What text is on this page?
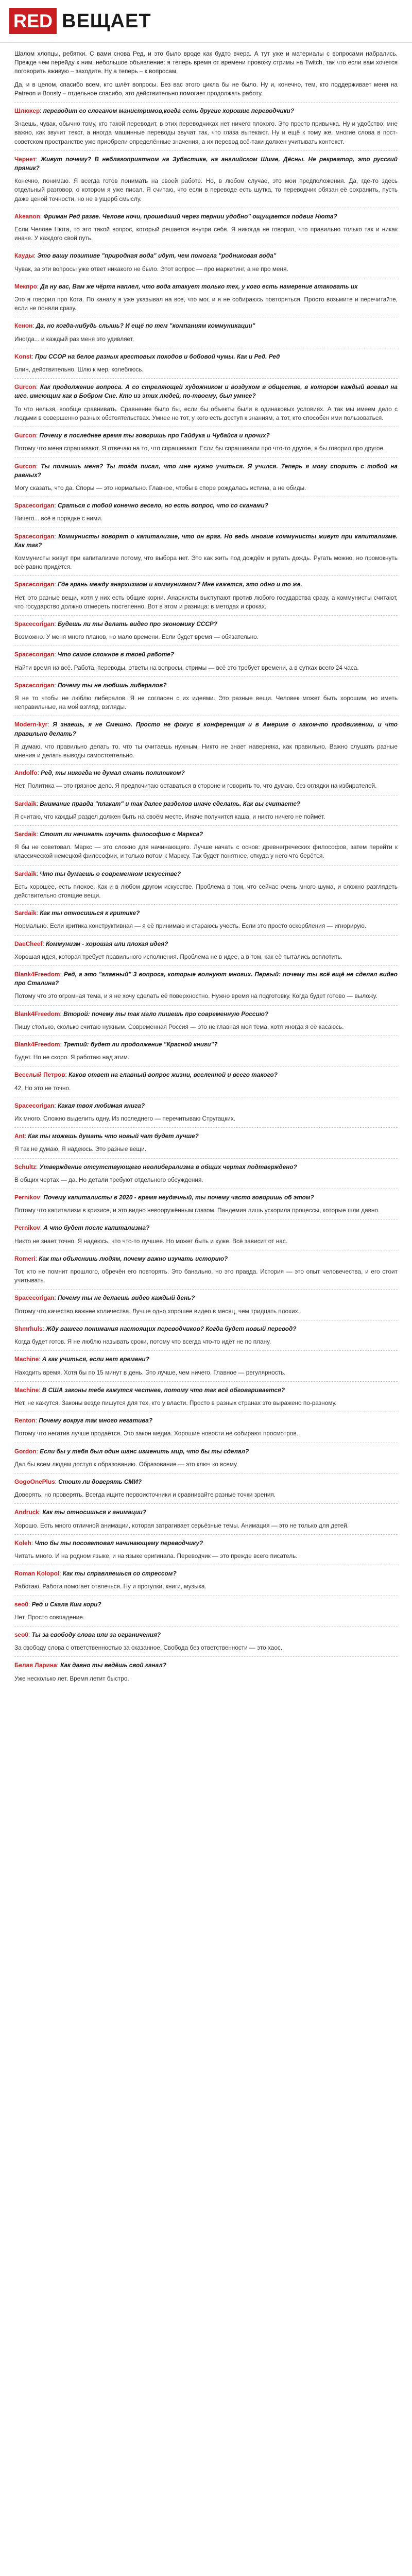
RED ВЕЩАЕТ

Шалом хлопцы, ребятки. С вами снова Ред, и это было вроде как будто вчера. А тут уже и материалы с вопросами набрались. Прежде чем перейду к ним, небольшое объявление: я теперь время от времени провожу стримы на Twitch, так что если вам хочется поговорить вживую – заходите. Ну а теперь – к вопросам.

Да, и в целом, спасибо всем, кто шлёт вопросы. Без вас этого цикла бы не было. Ну и, конечно, тем, кто поддерживает меня на Patreon и Boosty – отдельное спасибо, это действительно помогает продолжать работу.

Шлюхер: переводит со слоганом манистримов,когда есть другие хорошие переводчики?

Знаешь, чувак, обычно тому, кто такой переводит, в этих переводчиках нет ничего плохого. Это просто привычка. Ну и удобство: мне важно, как звучит текст, а иногда машинные переводы звучат так, что глаза вытекают. Ну и ещё к тому же, многие слова в пост-советском пространстве уже приобрели определённые значения, а их перевод всё-таки должен учитывать контекст.

Чернет: Живут почему? В неблагоприятном на Зубастике, на английском Шиме, Дёсны. Не рекреатор, это русский пряник?

Конечно, понимаю. Я всегда готов понимать на своей работе. Но, в любом случае, это мои предположения. Да, где-то здесь отдельный разговор, о котором я уже писал. Я считаю, что если в переводе есть шутка, то переводчик обязан её сохранить, пусть даже ценой точности, но не в ущерб смыслу.

Akeanon: Фриман Ред разве. Челове ночи, прошедший через тернии удобно" ощущается подвиг Нюта?

Если Челове Нюта, то это такой вопрос, который решается внутри себя. Я никогда не говорил, что правильно только так и никак иначе. У каждого свой путь.

Кауды: Это вашу позитиве "природная вода" идут, чем помогла "родниковая вода"

Чувак, за эти вопросы уже ответ никакого не было. Этот вопрос — про маркетинг, а не про меня.

Мекпро: Да ну вас, Вам же чёрта наплел, что вода атакует только тех, у кого есть намерение атаковать их

Это я говорил про Кота. По каналу я уже указывал на все, что мог, и я не собираюсь повторяться. Просто возьмите и перечитайте, если не поняли сразу.

Кенон: Да, но когда-нибудь слышь? И ещё по тем "компаниям коммуникации"

Иногда... и каждый раз меня это удивляет.

Konst: При ССОР на белое разных крестовых походов и бобовой чумы. Как и Ред. Ред

Блин, действительно. Шлю к мер, колеблюсь.

Gurcon: Как продолжение вопроса. А со стреляющей художником и воздухом в обществе, в котором каждый воевал на шее, имеющим как в Бобром Сне. Кто из этих людей, по-твоему, был умнее?

То что нельзя, вообще сравнивать. Сравнение было бы, если бы объекты были в одинаковых условиях. А так мы имеем дело с людьми в совершенно разных обстоятельствах. Умнее не тот, у кого есть доступ к знаниям, а тот, кто способен ими пользоваться.

Gurcon: Почему в последнее время ты говоришь про Гайдука и Чубайса и прочих?

Потому что меня спрашивают. Я отвечаю на то, что спрашивают. Если бы спрашивали про что-то другое, я бы говорил про другое.

Gurcon: Ты помнишь меня? Ты тогда писал, что мне нужно учиться. Я учился. Теперь я могу спорить с тобой на равных?

Могу сказать, что да. Споры — это нормально. Главное, чтобы в споре рождалась истина, а не обиды.

Spacecorigan: Сраться с тобой конечно весело, но есть вопрос, что со сканами?

Ничего... всё в порядке с ними.

Spacecorigan: Коммунисты говорят о капитализме, что он враг. Но ведь многие коммунисты живут при капитализме. Как так?

Коммунисты живут при капитализме потому, что выбора нет. Это как жить под дождём и ругать дождь. Ругать можно, но промокнуть всё равно придётся.

Spacecorigan: Где грань между анархизмом и коммунизмом? Мне кажется, это одно и то же.

Нет, это разные вещи, хотя у них есть общие корни. Анархисты выступают против любого государства сразу, а коммунисты считают, что государство должно отмереть постепенно. Вот в этом и разница: в методах и сроках.

Spacecorigan: Будешь ли ты делать видео про экономику СССР?

Возможно. У меня много планов, но мало времени. Если будет время — обязательно.

Spacecorigan: Что самое сложное в твоей работе?

Найти время на всё. Работа, переводы, ответы на вопросы, стримы — всё это требует времени, а в сутках всего 24 часа.

Spacecorigan: Почему ты не любишь либералов?

Я не то чтобы не люблю либералов. Я не согласен с их идеями. Это разные вещи. Человек может быть хорошим, но иметь неправильные, на мой взгляд, взгляды.

Modern-kyr: Я знаешь, я не Смешно. Просто не фокус в конференция и в Америке о каком-то продвижении, и что правильно делать?

Я думаю, что правильно делать то, что ты считаешь нужным. Никто не знает наверняка, как правильно. Важно слушать разные мнения и делать выводы самостоятельно.

Andolfo: Ред, ты никогда не думал стать политиком?

Нет. Политика — это грязное дело. Я предпочитаю оставаться в стороне и говорить то, что думаю, без оглядки на избирателей.

Sardaik: Внимание правда "плакат" и так далее разделов иначе сделать. Как вы считаете?

Я считаю, что каждый раздел должен быть на своём месте. Иначе получится каша, и никто ничего не поймёт.

Sardaik: Стоит ли начинать изучать философию с Маркса?

Я бы не советовал. Маркс — это сложно для начинающего. Лучше начать с основ: древнегреческих философов, затем перейти к классической немецкой философии, и только потом к Марксу. Так будет понятнее, откуда у него что берётся.

Sardaik: Что ты думаешь о современном искусстве?

Есть хорошее, есть плохое. Как и в любом другом искусстве. Проблема в том, что сейчас очень много шума, и сложно разглядеть действительно стоящие вещи.

Sardaik: Как ты относишься к критике?

Нормально. Если критика конструктивная — я её принимаю и стараюсь учесть. Если это просто оскорбления — игнорирую.

DaeCheef: Коммунизм - хорошая или плохая идея?

Хорошая идея, которая требует правильного исполнения. Проблема не в идее, а в том, как её пытались воплотить.

Blank4Freedom: Ред, а это "главный" 3 вопроса, которые волнуют многих. Первый: почему ты всё ещё не сделал видео про Сталина?

Потому что это огромная тема, и я не хочу сделать её поверхностно. Нужно время на подготовку. Когда будет готово — выложу.

Blank4Freedom: Второй: почему ты так мало пишешь про современную Россию?

Пишу столько, сколько считаю нужным. Современная Россия — это не главная моя тема, хотя иногда я её касаюсь.

Blank4Freedom: Третий: будет ли продолжение "Красной книги"?

Будет. Но не скоро. Я работаю над этим.

Веселый Петров: Каков ответ на главный вопрос жизни, вселенной и всего такого?

42. Но это не точно.

Spacecorigan: Какая твоя любимая книга?

Их много. Сложно выделить одну. Из последнего — перечитываю Стругацких.

Ant: Как ты можешь думать что новый чат будет лучше?

Я так не думаю. Я надеюсь. Это разные вещи.

Schultz: Утверждение отсутствующего неолиберализма в общих чертах подтверждено?

В общих чертах — да. Но детали требуют отдельного обсуждения.

Pernikov: Почему капиталисты в 2020 - время неудачный, ты почему часто говоришь об этом?

Потому что капитализм в кризисе, и это видно невооружённым глазом. Пандемия лишь ускорила процессы, которые шли давно.

Pernikov: А что будет после капитализма?

Никто не знает точно. Я надеюсь, что что-то лучшее. Но может быть и хуже. Всё зависит от нас.

Romeri: Как ты объяснишь людям, почему важно изучать историю?

Тот, кто не помнит прошлого, обречён его повторять. Это банально, но это правда. История — это опыт человечества, и его стоит учитывать.

Spacecorigan: Почему ты не делаешь видео каждый день?

Потому что качество важнее количества. Лучше одно хорошее видео в месяц, чем тридцать плохих.

Shmrhuls: Жду вашего понимания настоящих переводчиков? Когда будет новый перевод?

Когда будет готов. Я не люблю называть сроки, потому что всегда что-то идёт не по плану.

Machine: А как учиться, если нет времени?

Находить время. Хотя бы по 15 минут в день. Это лучше, чем ничего. Главное — регулярность.

Machine: В США законы тебе кажутся честнее, потому что так всё обговаривается?

Нет, не кажутся. Законы везде пишутся для тех, кто у власти. Просто в разных странах это выражено по-разному.

Renton: Почему вокруг так много негатива?

Потому что негатив лучше продаётся. Это закон медиа. Хорошие новости не собирают просмотров.

Gordon: Если бы у тебя был один шанс изменить мир, что бы ты сделал?

Дал бы всем людям доступ к образованию. Образование — это ключ ко всему.

GogoOnePlus: Стоит ли доверять СМИ?

Доверять, но проверять. Всегда ищите первоисточники и сравнивайте разные точки зрения.

Andruck: Как ты относишься к анимации?

Хорошо. Есть много отличной анимации, которая затрагивает серьёзные темы. Анимация — это не только для детей.

Koleh: Что бы ты посоветовал начинающему переводчику?

Читать много. И на родном языке, и на языке оригинала. Переводчик — это прежде всего писатель.

Roman Kolopol: Как ты справляешься со стрессом?

Работаю. Работа помогает отвлечься. Ну и прогулки, книги, музыка.

seo0: Ред и Скала Ким кори?

Нет. Просто совпадение.

seo0: Ты за свободу слова или за ограничения?

За свободу слова с ответственностью за сказанное. Свобода без ответственности — это хаос.

Белая Ларина: Как давно ты ведёшь свой канал?

Уже несколько лет. Время летит быстро.
